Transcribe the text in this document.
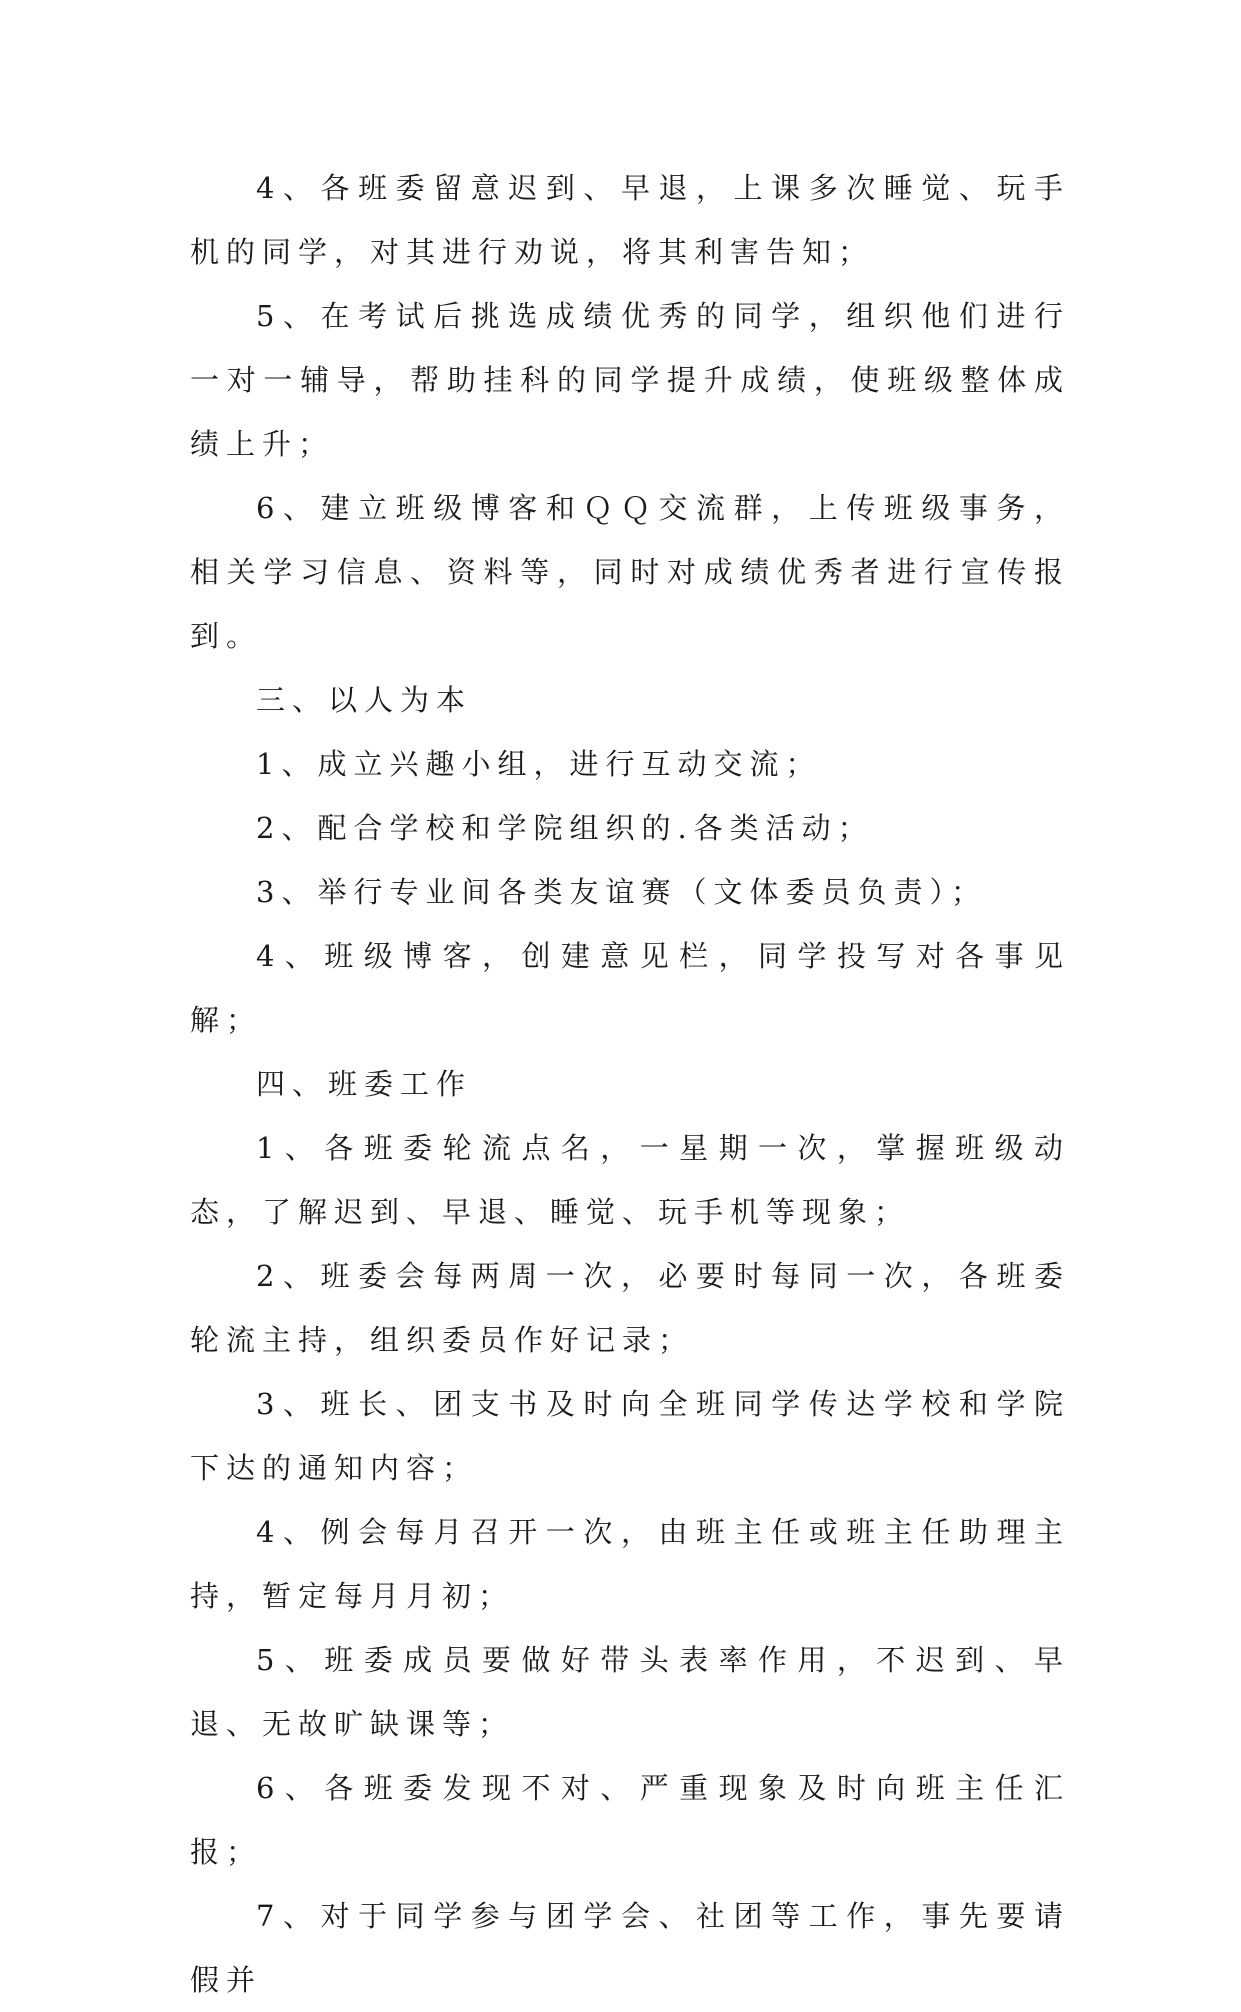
4、各班委留意迟到、早退，上课多次睡觉、玩手机的同学，对其进行劝说，将其利害告知；

5、在考试后挑选成绩优秀的同学，组织他们进行一对一辅导，帮助挂科的同学提升成绩，使班级整体成绩上升；

6、建立班级博客和ＱＱ交流群，上传班级事务，相关学习信息、资料等，同时对成绩优秀者进行宣传报到。

三、以人为本

1、成立兴趣小组，进行互动交流；

2、配合学校和学院组织的.各类活动；

3、举行专业间各类友谊赛（文体委员负责）；

4、班级博客，创建意见栏，同学投写对各事见解；

四、班委工作

1、各班委轮流点名，一星期一次，掌握班级动态，了解迟到、早退、睡觉、玩手机等现象；

2、班委会每两周一次，必要时每同一次，各班委轮流主持，组织委员作好记录；

3、班长、团支书及时向全班同学传达学校和学院下达的通知内容；

4、例会每月召开一次，由班主任或班主任助理主持，暂定每月月初；

5、班委成员要做好带头表率作用，不迟到、早退、无故旷缺课等；

6、各班委发现不对、严重现象及时向班主任汇报；

7、对于同学参与团学会、社团等工作，事先要请假并
